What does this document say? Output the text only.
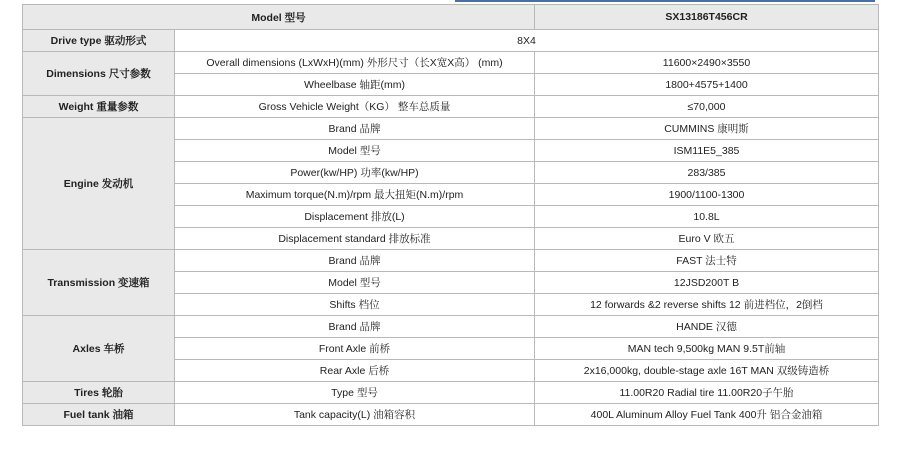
Model 型号		SX13186T456CR
Drive type 驱动形式	8X4	
Dimensions 尺寸参数	Overall dimensions (LxWxH)(mm) 外形尺寸（长X宽X高） (mm)	11600×2490×3550
	Wheelbase 轴距(mm)	1800+4575+1400
Weight 重量参数	Gross Vehicle Weight（KG） 整车总质量	≤70,000
Engine 发动机	Brand 品牌	CUMMINS 康明斯
	Model 型号	ISM11E5_385
	Power(kw/HP) 功率(kw/HP)	283/385
	Maximum torque(N.m)/rpm 最大扭矩(N.m)/rpm	1900/1100-1300
	Displacement 排放(L)	10.8L
	Displacement standard 排放标准	Euro V 欧五
Transmission 变速箱	Brand 品牌	FAST 法士特
	Model 型号	12JSD200T B
	Shifts 档位	12 forwards &2 reverse shifts 12 前进档位，2倒档
Axles 车桥	Brand 品牌	HANDE 汉德
	Front Axle 前桥	MAN tech 9,500kg MAN 9.5T前轴
	Rear Axle 后桥	2x16,000kg, double-stage axle 16T MAN 双级铸造桥
Tires 轮胎	Type 型号	11.00R20 Radial tire 11.00R20子午胎
Fuel tank 油箱	Tank capacity(L) 油箱容积	400L Aluminum Alloy Fuel Tank 400升 铝合金油箱
